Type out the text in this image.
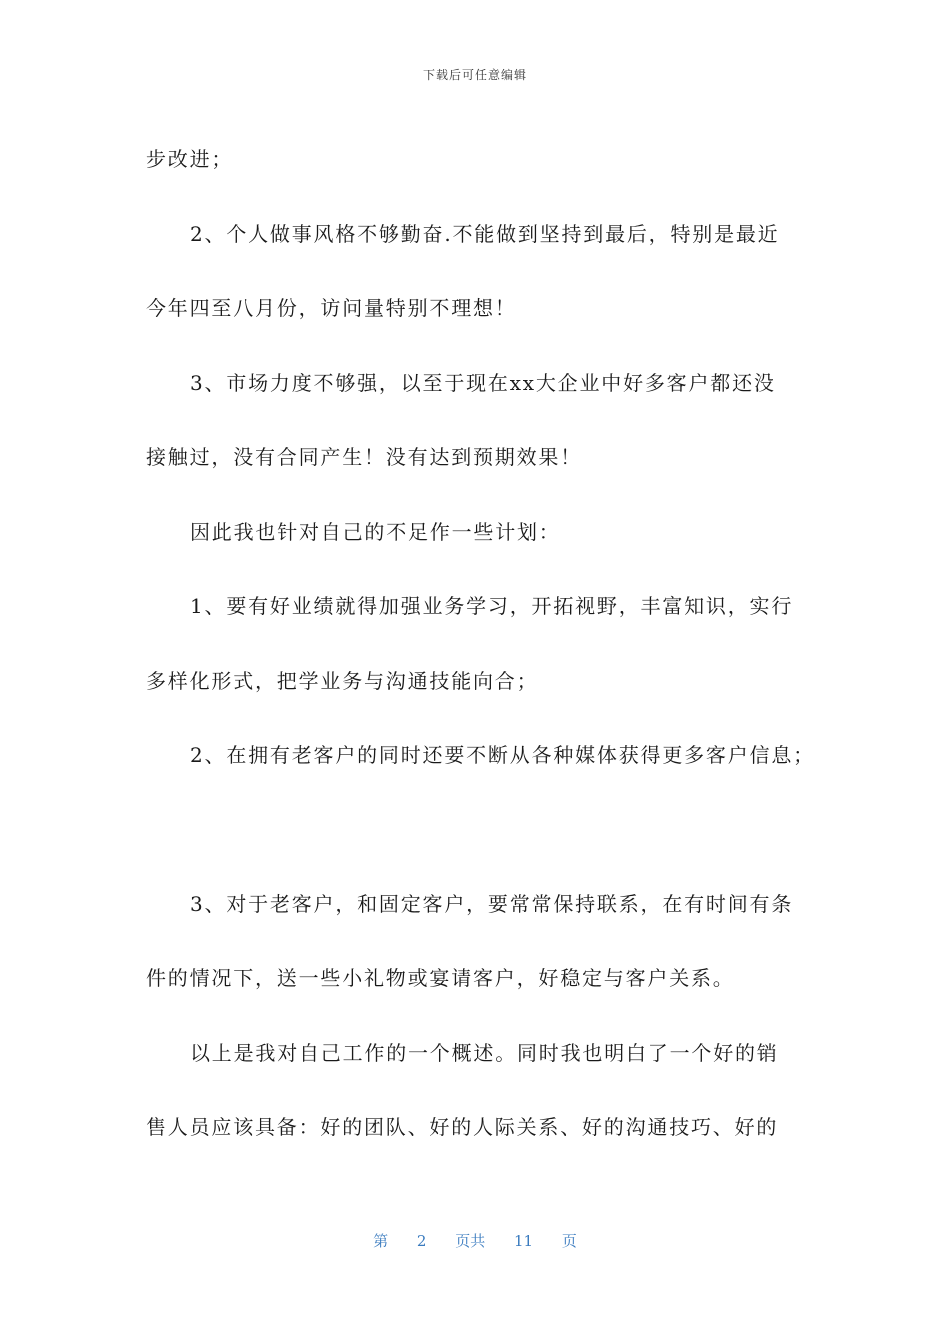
下载后可任意编辑

步改进；

2、个人做事风格不够勤奋.不能做到坚持到最后，特别是最近

今年四至八月份，访问量特别不理想！

3、市场力度不够强，以至于现在xx大企业中好多客户都还没

接触过，没有合同产生！没有达到预期效果！

因此我也针对自己的不足作一些计划：

1、要有好业绩就得加强业务学习，开拓视野，丰富知识，实行

多样化形式，把学业务与沟通技能向合；

2、在拥有老客户的同时还要不断从各种媒体获得更多客户信息；

3、对于老客户，和固定客户，要常常保持联系，在有时间有条

件的情况下，送一些小礼物或宴请客户，好稳定与客户关系。

以上是我对自己工作的一个概述。同时我也明白了一个好的销

售人员应该具备：好的团队、好的人际关系、好的沟通技巧、好的

第 2 页共 11 页
